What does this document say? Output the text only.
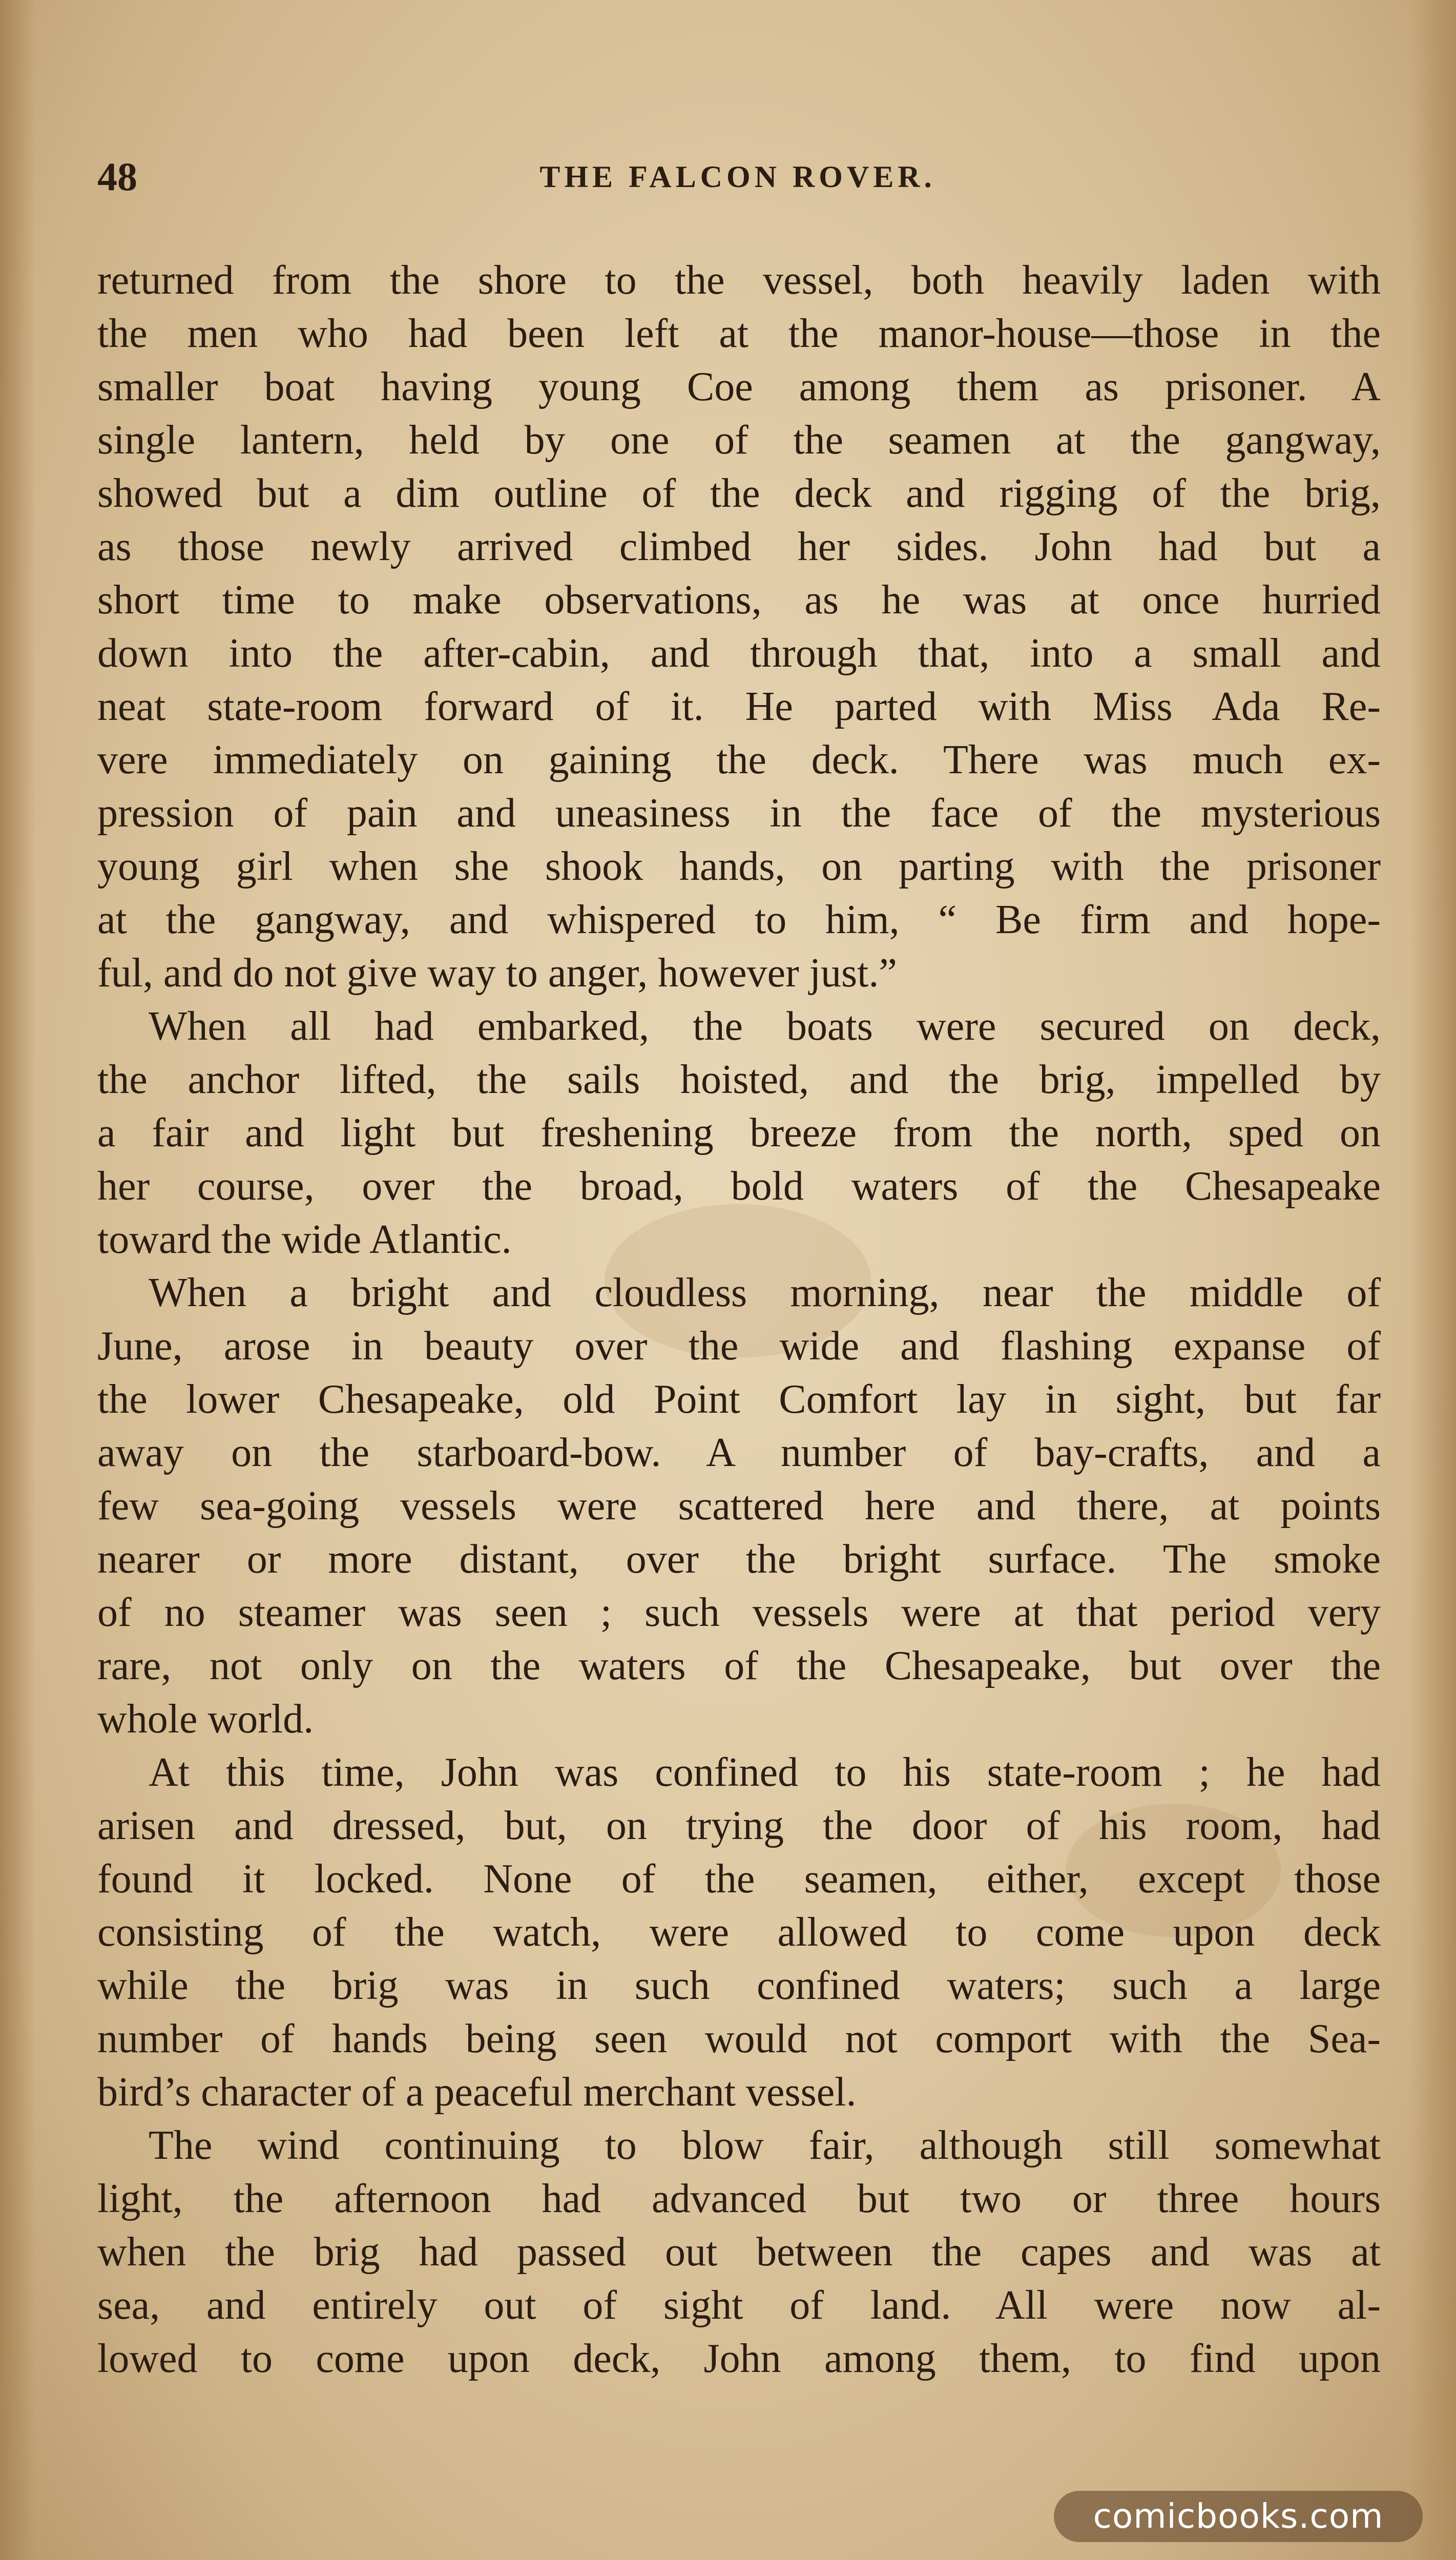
48	THE FALCON ROVER.
returned from the shore to the vessel, both heavily laden with
the men who had been left at the manor-house—those in the
smaller boat having young Coe among them as prisoner. A
single lantern, held by one of the seamen at the gangway,
showed but a dim outline of the deck and rigging of the brig,
as those newly arrived climbed her sides. John had but a
short time to make observations, as he was at once hurried
down into the after-cabin, and through that, into a small and
neat state-room forward of it. He parted with Miss Ada Re-
vere immediately on gaining the deck. There was much ex-
pression of pain and uneasiness in the face of the mysterious
young girl when she shook hands, on parting with the prisoner
at the gangway, and whispered to him, “ Be firm and hope-
ful, and do not give way to anger, however just.”
When all had embarked, the boats were secured on deck,
the anchor lifted, the sails hoisted, and the brig, impelled by
a fair and light but freshening breeze from the north, sped on
her course, over the broad, bold waters of the Chesapeake
toward the wide Atlantic.
When a bright and cloudless morning, near the middle of
June, arose in beauty over the wide and flashing expanse of
the lower Chesapeake, old Point Comfort lay in sight, but far
away on the starboard-bow. A number of bay-crafts, and a
few sea-going vessels were scattered here and there, at points
nearer or more distant, over the bright surface. The smoke
of no steamer was seen ; such vessels were at that period very
rare, not only on the waters of the Chesapeake, but over the
whole world.
At this time, John was confined to his state-room ; he had
arisen and dressed, but, on trying the door of his room, had
found it locked. None of the seamen, either, except those
consisting of the watch, were allowed to come upon deck
while the brig was in such confined waters; such a large
number of hands being seen would not comport with the Sea-
bird’s character of a peaceful merchant vessel.
The wind continuing to blow fair, although still somewhat
light, the afternoon had advanced but two or three hours
when the brig had passed out between the capes and was at
sea, and entirely out of sight of land. All were now al-
lowed to come upon deck, John among them, to find upon
comicbooks.com
